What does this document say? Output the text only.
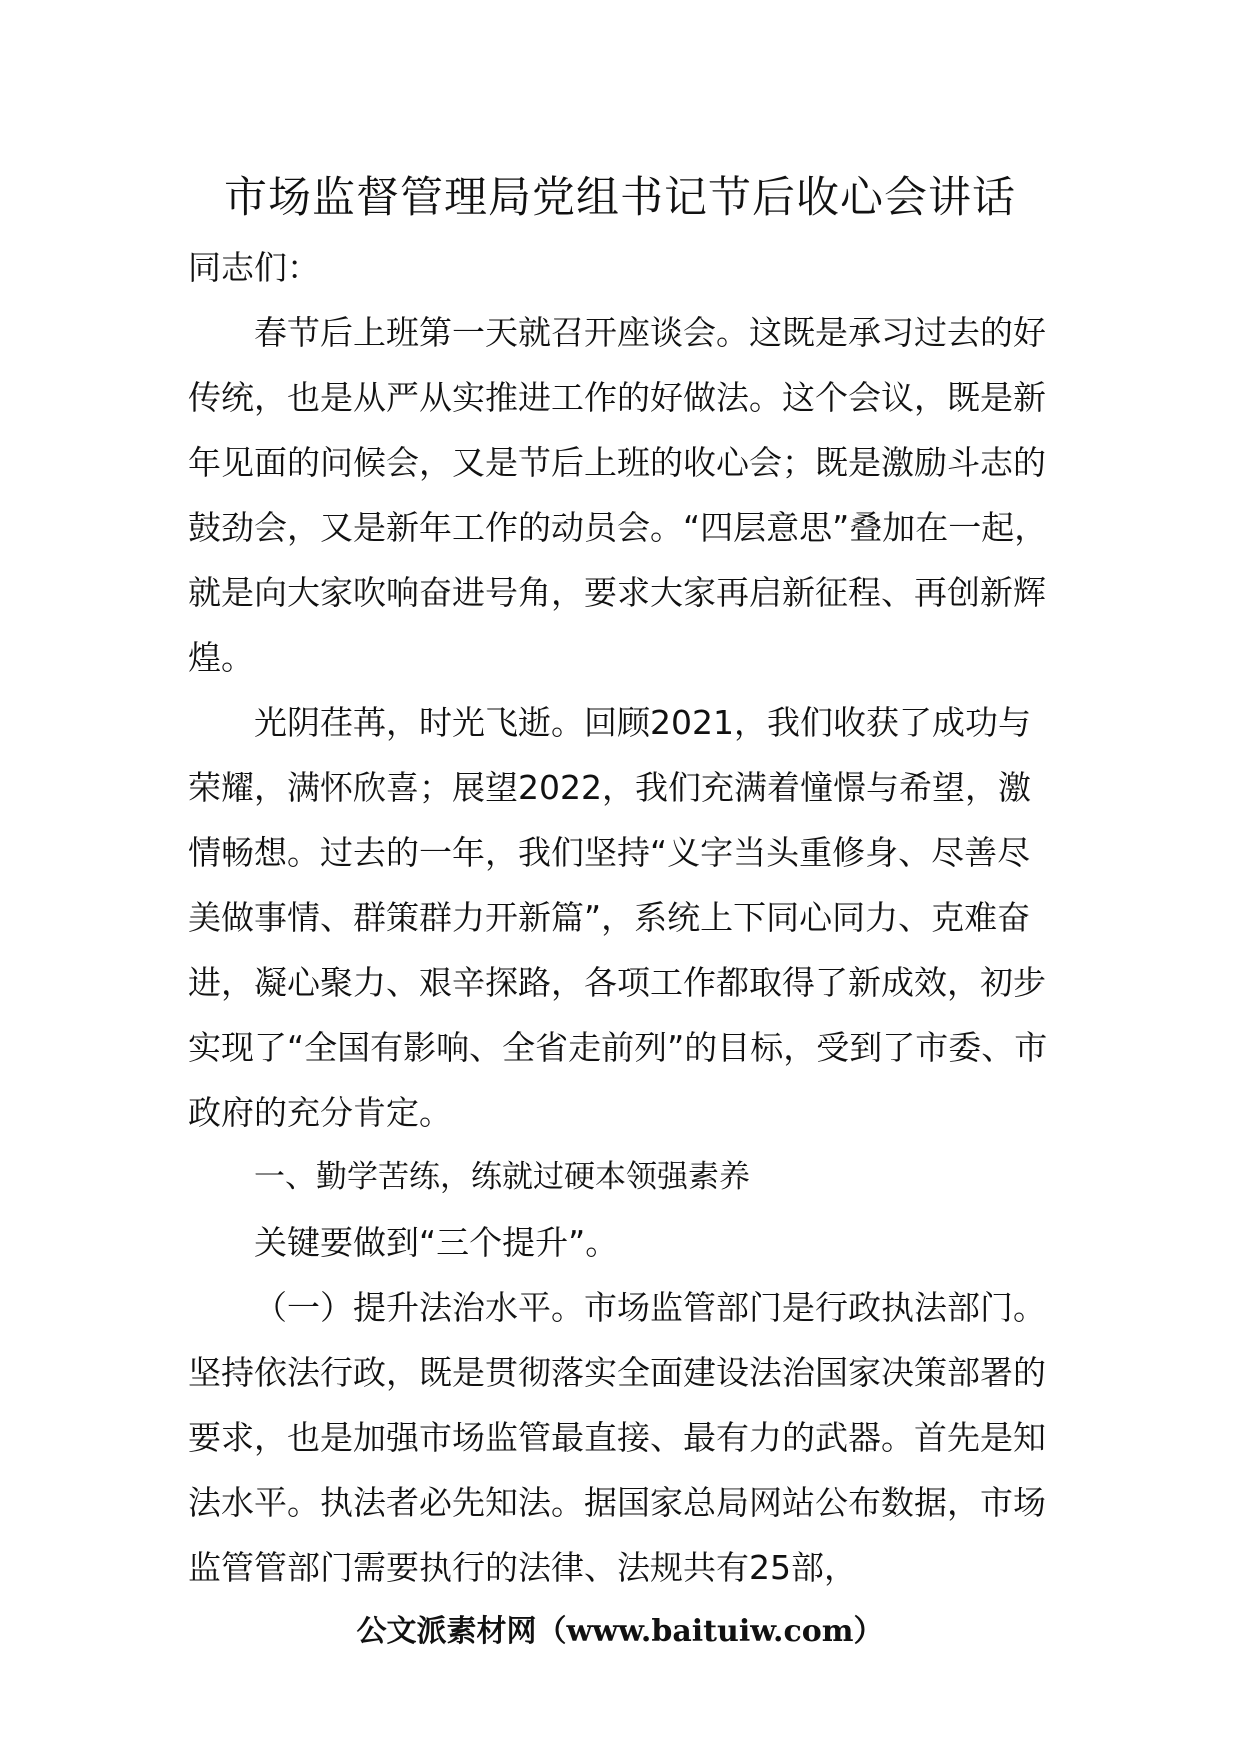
市场监督管理局党组书记节后收心会讲话

同志们：

春节后上班第一天就召开座谈会。这既是承习过去的好传统，也是从严从实推进工作的好做法。这个会议，既是新年见面的问候会，又是节后上班的收心会；既是激励斗志的鼓劲会，又是新年工作的动员会。“四层意思”叠加在一起，就是向大家吹响奋进号角，要求大家再启新征程、再创新辉煌。

光阴荏苒，时光飞逝。回顾2021，我们收获了成功与荣耀，满怀欣喜；展望2022，我们充满着憧憬与希望，激情畅想。过去的一年，我们坚持“义字当头重修身、尽善尽美做事情、群策群力开新篇”，系统上下同心同力、克难奋进，凝心聚力、艰辛探路，各项工作都取得了新成效，初步实现了“全国有影响、全省走前列”的目标，受到了市委、市政府的充分肯定。

一、勤学苦练，练就过硬本领强素养

关键要做到“三个提升”。

（一）提升法治水平。市场监管部门是行政执法部门。坚持依法行政，既是贯彻落实全面建设法治国家决策部署的要求，也是加强市场监管最直接、最有力的武器。首先是知法水平。执法者必先知法。据国家总局网站公布数据，市场监管管部门需要执行的法律、法规共有25部，

公文派素材网（www.baituiw.com）
